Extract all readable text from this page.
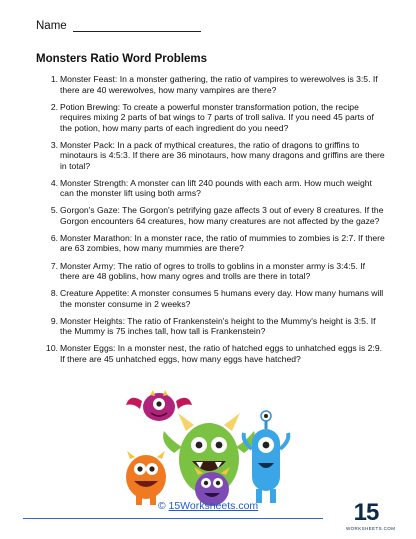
Name
Monsters Ratio Word Problems
1. Monster Feast: In a monster gathering, the ratio of vampires to werewolves is 3:5. If there are 40 werewolves, how many vampires are there?
2. Potion Brewing: To create a powerful monster transformation potion, the recipe requires mixing 2 parts of bat wings to 7 parts of troll saliva. If you need 45 parts of the potion, how many parts of each ingredient do you need?
3. Monster Pack: In a pack of mythical creatures, the ratio of dragons to griffins to minotaurs is 4:5:3. If there are 36 minotaurs, how many dragons and griffins are there in total?
4. Monster Strength: A monster can lift 240 pounds with each arm. How much weight can the monster lift using both arms?
5. Gorgon's Gaze: The Gorgon's petrifying gaze affects 3 out of every 8 creatures. If the Gorgon encounters 64 creatures, how many creatures are not affected by the gaze?
6. Monster Marathon: In a monster race, the ratio of mummies to zombies is 2:7. If there are 63 zombies, how many mummies are there?
7. Monster Army: The ratio of ogres to trolls to goblins in a monster army is 3:4:5. If there are 48 goblins, how many ogres and trolls are there in total?
8. Creature Appetite: A monster consumes 5 humans every day. How many humans will the monster consume in 2 weeks?
9. Monster Heights: The ratio of Frankenstein's height to the Mummy's height is 3:5. If the Mummy is 75 inches tall, how tall is Frankenstein?
10. Monster Eggs: In a monster nest, the ratio of hatched eggs to unhatched eggs is 2:9. If there are 45 unhatched eggs, how many eggs have hatched?
© 15Worksheets.com	15
WORKSHEETS.COM
